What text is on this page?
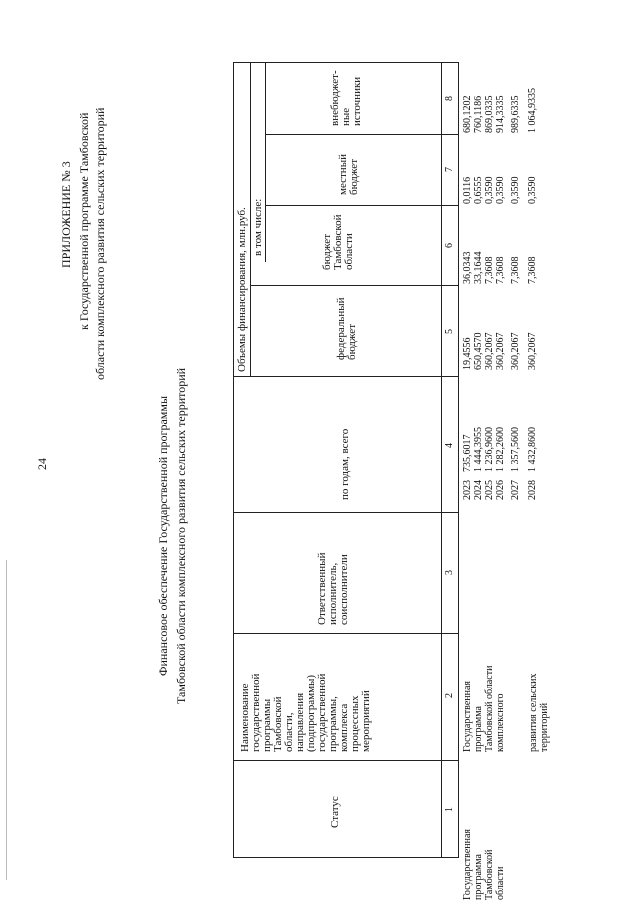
24
ПРИЛОЖЕНИЕ № 3 к Государственной программе Тамбовской области комплексного развития сельских территорий
Финансовое обеспечение Государственной программы Тамбовской области комплексного развития сельских территорий
Статус
Наименование государственной программы Тамбовской области, направления (подпрограммы) государственной программы, комплекса процессных мероприятий
Ответственный исполнитель, соисполнители
Объемы финансирования, млн.руб.
по годам, всего
в том числе:
федеральный бюджет
бюджет Тамбовской области
местный бюджет
внебюджет- ные источники
1
2
3
4
5
6
7
8
Государственная программа Тамбовской области
Государственная программа Тамбовской области комплексного развития сельских территорий
2023
735,6017
19,4556
36,0343
0,0116
680,1202
2024
1 444,3955
650,4570
33,1644
0,6555
760,1186
2025
1 236,9600
360,2067
7,3608
0,3590
869,0335
2026
1 282,2600
360,2067
7,3608
0,3590
914,3335
2027
1 357,5600
360,2067
7,3608
0,3590
989,6335
2028
1 432,8600
360,2067
7,3608
0,3590
1 064,9335
